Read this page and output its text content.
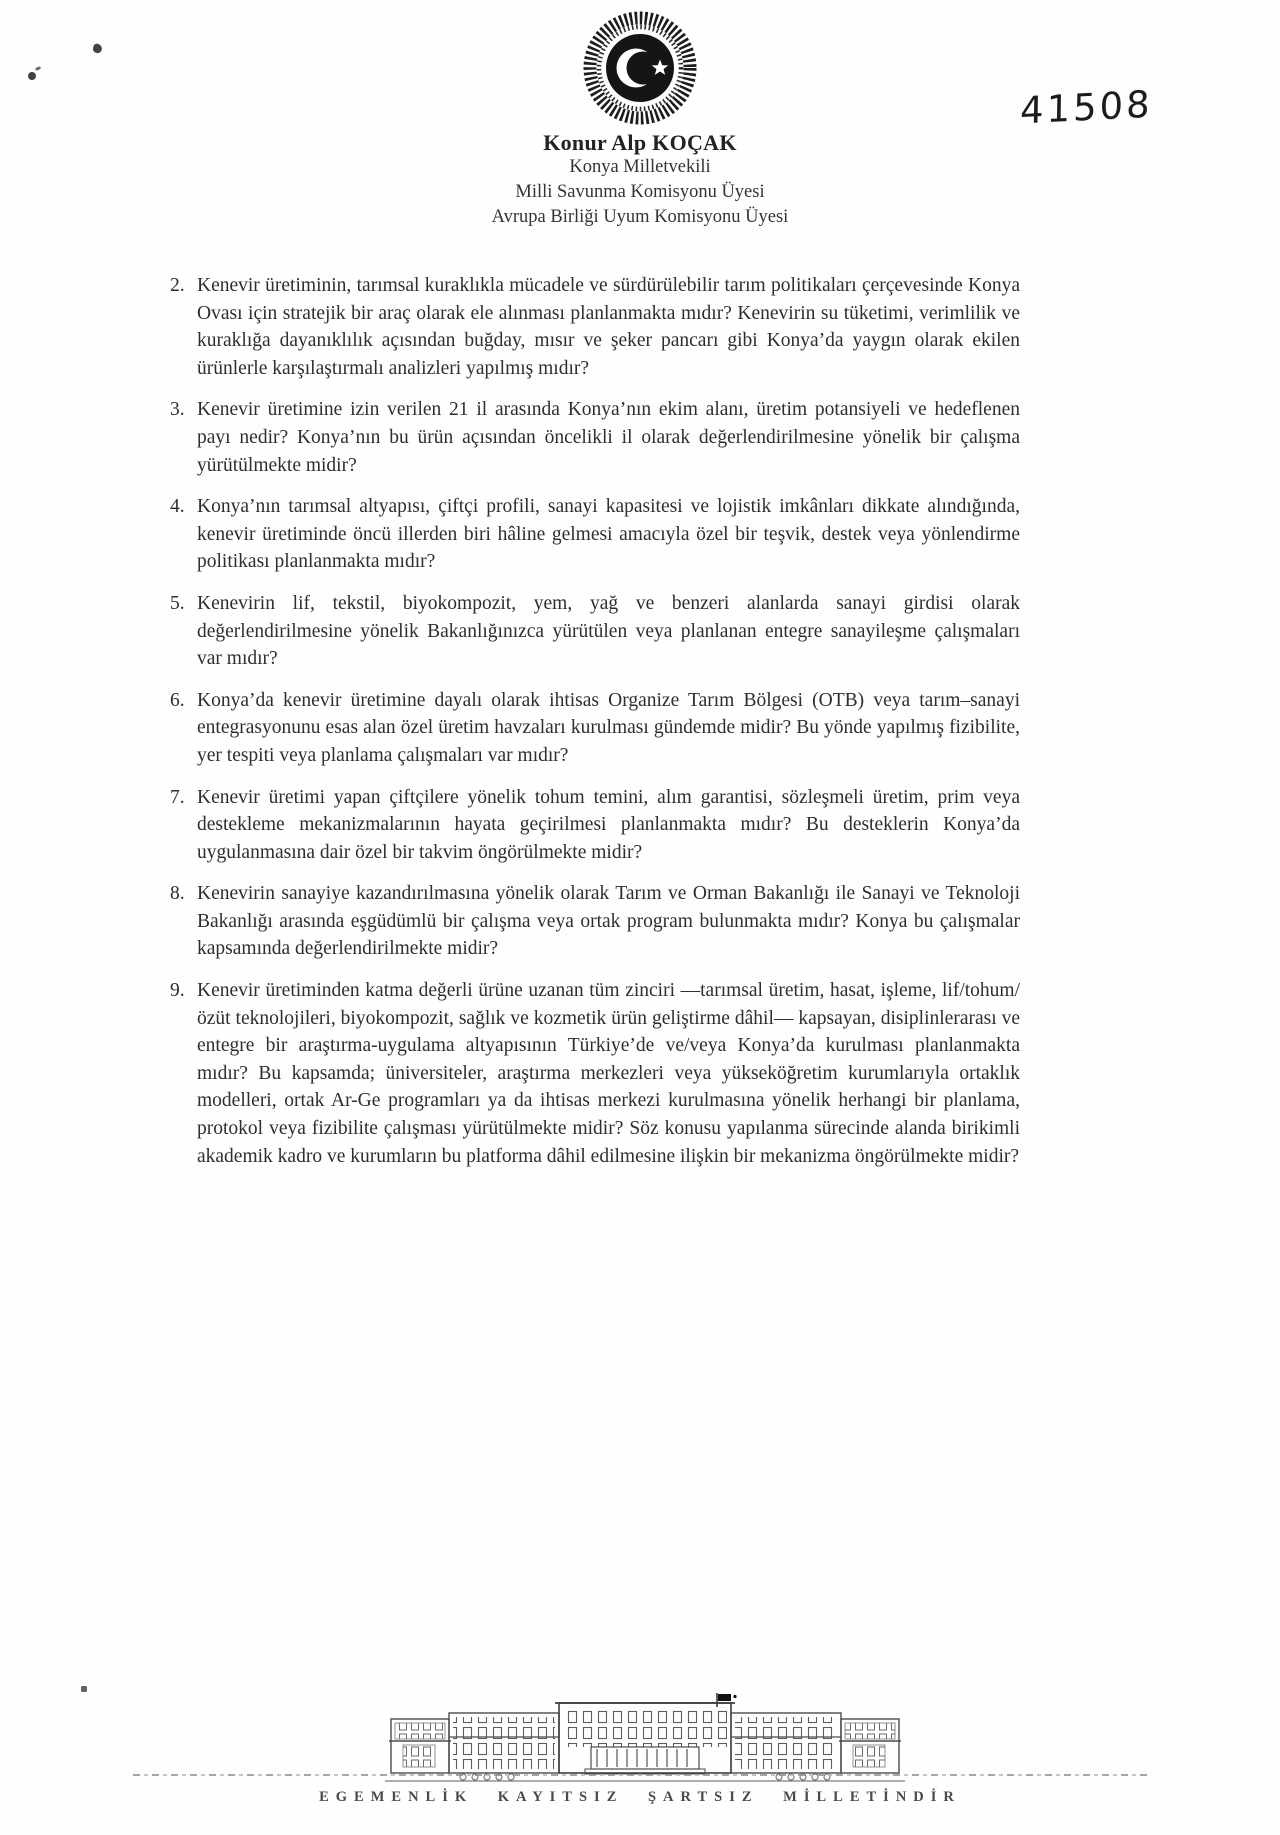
41508
Konur Alp KOÇAK
Konya Milletvekili
Milli Savunma Komisyonu Üyesi
Avrupa Birliği Uyum Komisyonu Üyesi
2. Kenevir üretiminin, tarımsal kuraklıkla mücadele ve sürdürülebilir tarım politikaları çerçevesinde Konya Ovası için stratejik bir araç olarak ele alınması planlanmakta mıdır? Kenevirin su tüketimi, verimlilik ve kuraklığa dayanıklılık açısından buğday, mısır ve şeker pancarı gibi Konya’da yaygın olarak ekilen ürünlerle karşılaştırmalı analizleri yapılmış mıdır?
3. Kenevir üretimine izin verilen 21 il arasında Konya’nın ekim alanı, üretim potansiyeli ve hedeflenen payı nedir? Konya’nın bu ürün açısından öncelikli il olarak değerlendirilmesine yönelik bir çalışma yürütülmekte midir?
4. Konya’nın tarımsal altyapısı, çiftçi profili, sanayi kapasitesi ve lojistik imkânları dikkate alındığında, kenevir üretiminde öncü illerden biri hâline gelmesi amacıyla özel bir teşvik, destek veya yönlendirme politikası planlanmakta mıdır?
5. Kenevirin lif, tekstil, biyokompozit, yem, yağ ve benzeri alanlarda sanayi girdisi olarak değerlendirilmesine yönelik Bakanlığınızca yürütülen veya planlanan entegre sanayileşme çalışmaları var mıdır?
6. Konya’da kenevir üretimine dayalı olarak ihtisas Organize Tarım Bölgesi (OTB) veya tarım–sanayi entegrasyonunu esas alan özel üretim havzaları kurulması gündemde midir? Bu yönde yapılmış fizibilite, yer tespiti veya planlama çalışmaları var mıdır?
7. Kenevir üretimi yapan çiftçilere yönelik tohum temini, alım garantisi, sözleşmeli üretim, prim veya destekleme mekanizmalarının hayata geçirilmesi planlanmakta mıdır? Bu desteklerin Konya’da uygulanmasına dair özel bir takvim öngörülmekte midir?
8. Kenevirin sanayiye kazandırılmasına yönelik olarak Tarım ve Orman Bakanlığı ile Sanayi ve Teknoloji Bakanlığı arasında eşgüdümlü bir çalışma veya ortak program bulunmakta mıdır? Konya bu çalışmalar kapsamında değerlendirilmekte midir?
9. Kenevir üretiminden katma değerli ürüne uzanan tüm zinciri —tarımsal üretim, hasat, işleme, lif/tohum/özüt teknolojileri, biyokompozit, sağlık ve kozmetik ürün geliştirme dâhil— kapsayan, disiplinlerarası ve entegre bir araştırma-uygulama altyapısının Türkiye’de ve/veya Konya’da kurulması planlanmakta mıdır? Bu kapsamda; üniversiteler, araştırma merkezleri veya yükseköğretim kurumlarıyla ortaklık modelleri, ortak Ar-Ge programları ya da ihtisas merkezi kurulmasına yönelik herhangi bir planlama, protokol veya fizibilite çalışması yürütülmekte midir? Söz konusu yapılanma sürecinde alanda birikimli akademik kadro ve kurumların bu platforma dâhil edilmesine ilişkin bir mekanizma öngörülmekte midir?
EGEMENLİK KAYITSIZ ŞARTSIZ MİLLETİNDİR
